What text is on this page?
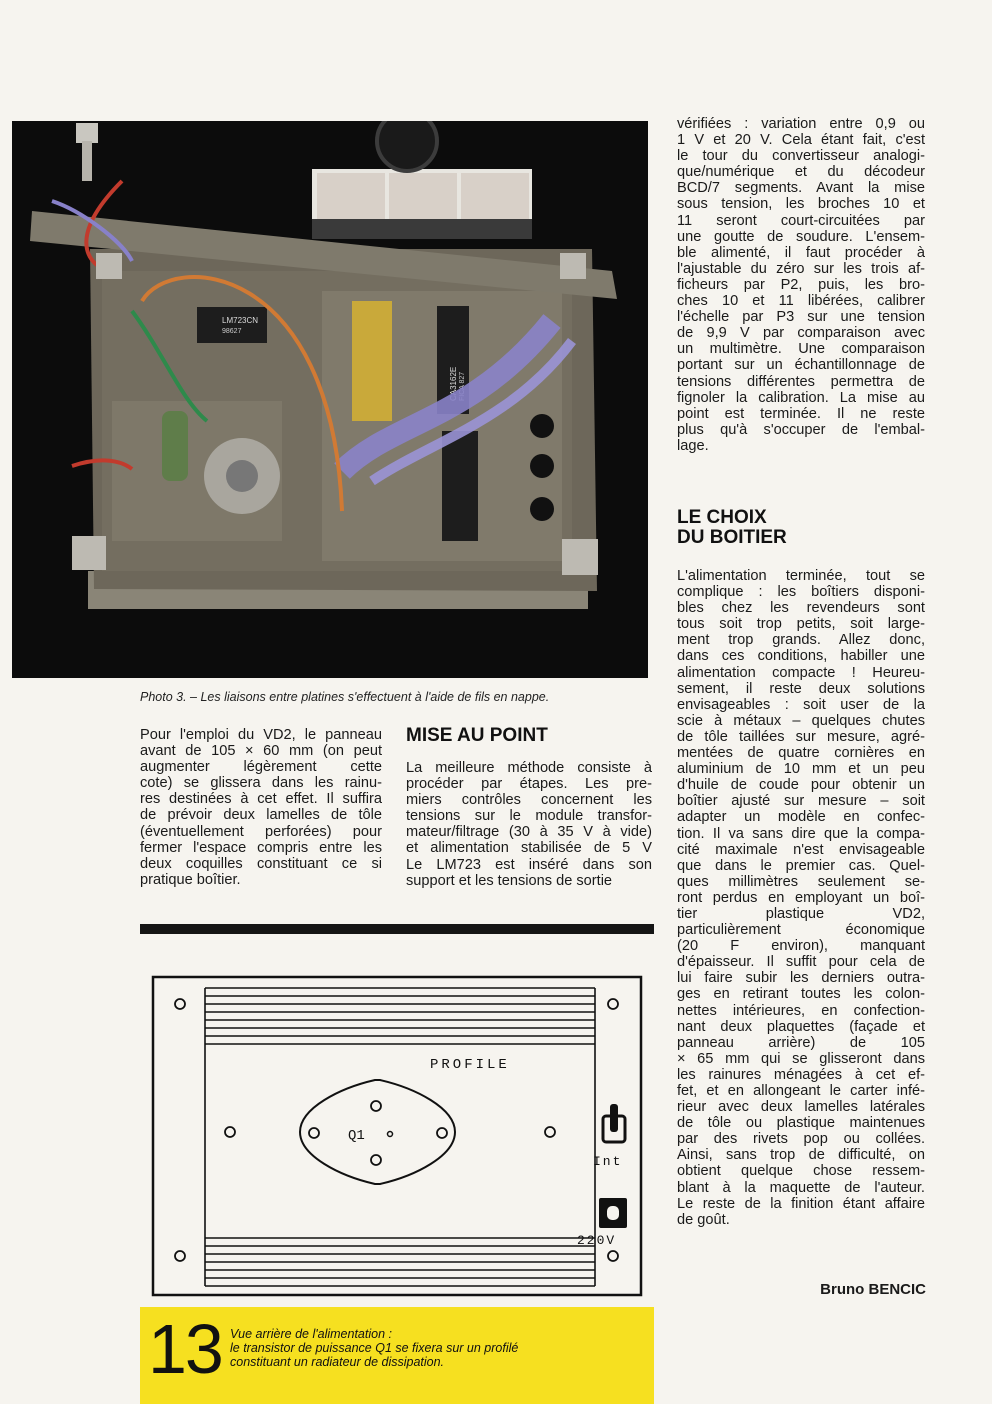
LM723CN
98627
CA3162E FICA 827
Photo 3. – Les liaisons entre platines s'effectuent à l'aide de fils en nappe.
Pour l'emploi du VD2, le panneau
avant de 105 × 60 mm (on peut
augmenter légèrement cette
cote) se glissera dans les rainu-
res destinées à cet effet. Il suffira
de prévoir deux lamelles de tôle
(éventuellement perforées) pour
fermer l'espace compris entre les
deux coquilles constituant ce si
pratique boîtier.
MISE AU POINT
La meilleure méthode consiste à
procéder par étapes. Les pre-
miers contrôles concernent les
tensions sur le module transfor-
mateur/filtrage (30 à 35 V à vide)
et alimentation stabilisée de 5 V
Le LM723 est inséré dans son
support et les tensions de sortie
vérifiées : variation entre 0,9 ou
1 V et 20 V. Cela étant fait, c'est
le tour du convertisseur analogi-
que/numérique et du décodeur
BCD/7 segments. Avant la mise
sous tension, les broches 10 et
11 seront court-circuitées par
une goutte de soudure. L'ensem-
ble alimenté, il faut procéder à
l'ajustable du zéro sur les trois af-
ficheurs par P2, puis, les bro-
ches 10 et 11 libérées, calibrer
l'échelle par P3 sur une tension
de 9,9 V par comparaison avec
un multimètre. Une comparaison
portant sur un échantillonnage de
tensions différentes permettra de
fignoler la calibration. La mise au
point est terminée. Il ne reste
plus qu'à s'occuper de l'embal-
lage.
LE CHOIX
DU BOITIER
L'alimentation terminée, tout se
complique : les boîtiers disponi-
bles chez les revendeurs sont
tous soit trop petits, soit large-
ment trop grands. Allez donc,
dans ces conditions, habiller une
alimentation compacte ! Heureu-
sement, il reste deux solutions
envisageables : soit user de la
scie à métaux – quelques chutes
de tôle taillées sur mesure, agré-
mentées de quatre cornières en
aluminium de 10 mm et un peu
d'huile de coude pour obtenir un
boîtier ajusté sur mesure – soit
adapter un modèle en confec-
tion. Il va sans dire que la compa-
cité maximale n'est envisageable
que dans le premier cas. Quel-
ques millimètres seulement se-
ront perdus en employant un boî-
tier plastique VD2,
particulièrement économique
(20 F environ), manquant
d'épaisseur. Il suffit pour cela de
lui faire subir les derniers outra-
ges en retirant toutes les colon-
nettes intérieures, en confection-
nant deux plaquettes (façade et
panneau arrière) de 105
× 65 mm qui se glisseront dans
les rainures ménagées à cet ef-
fet, et en allongeant le carter infé-
rieur avec deux lamelles latérales
de tôle ou plastique maintenues
par des rivets pop ou collées.
Ainsi, sans trop de difficulté, on
obtient quelque chose ressem-
blant à la maquette de l'auteur.
Le reste de la finition étant affaire
de goût.
Bruno BENCIC
PROFILE
Q1
Int
220V
13 Vue arrière de l'alimentation :
le transistor de puissance Q1 se fixera sur un profilé
constituant un radiateur de dissipation.
